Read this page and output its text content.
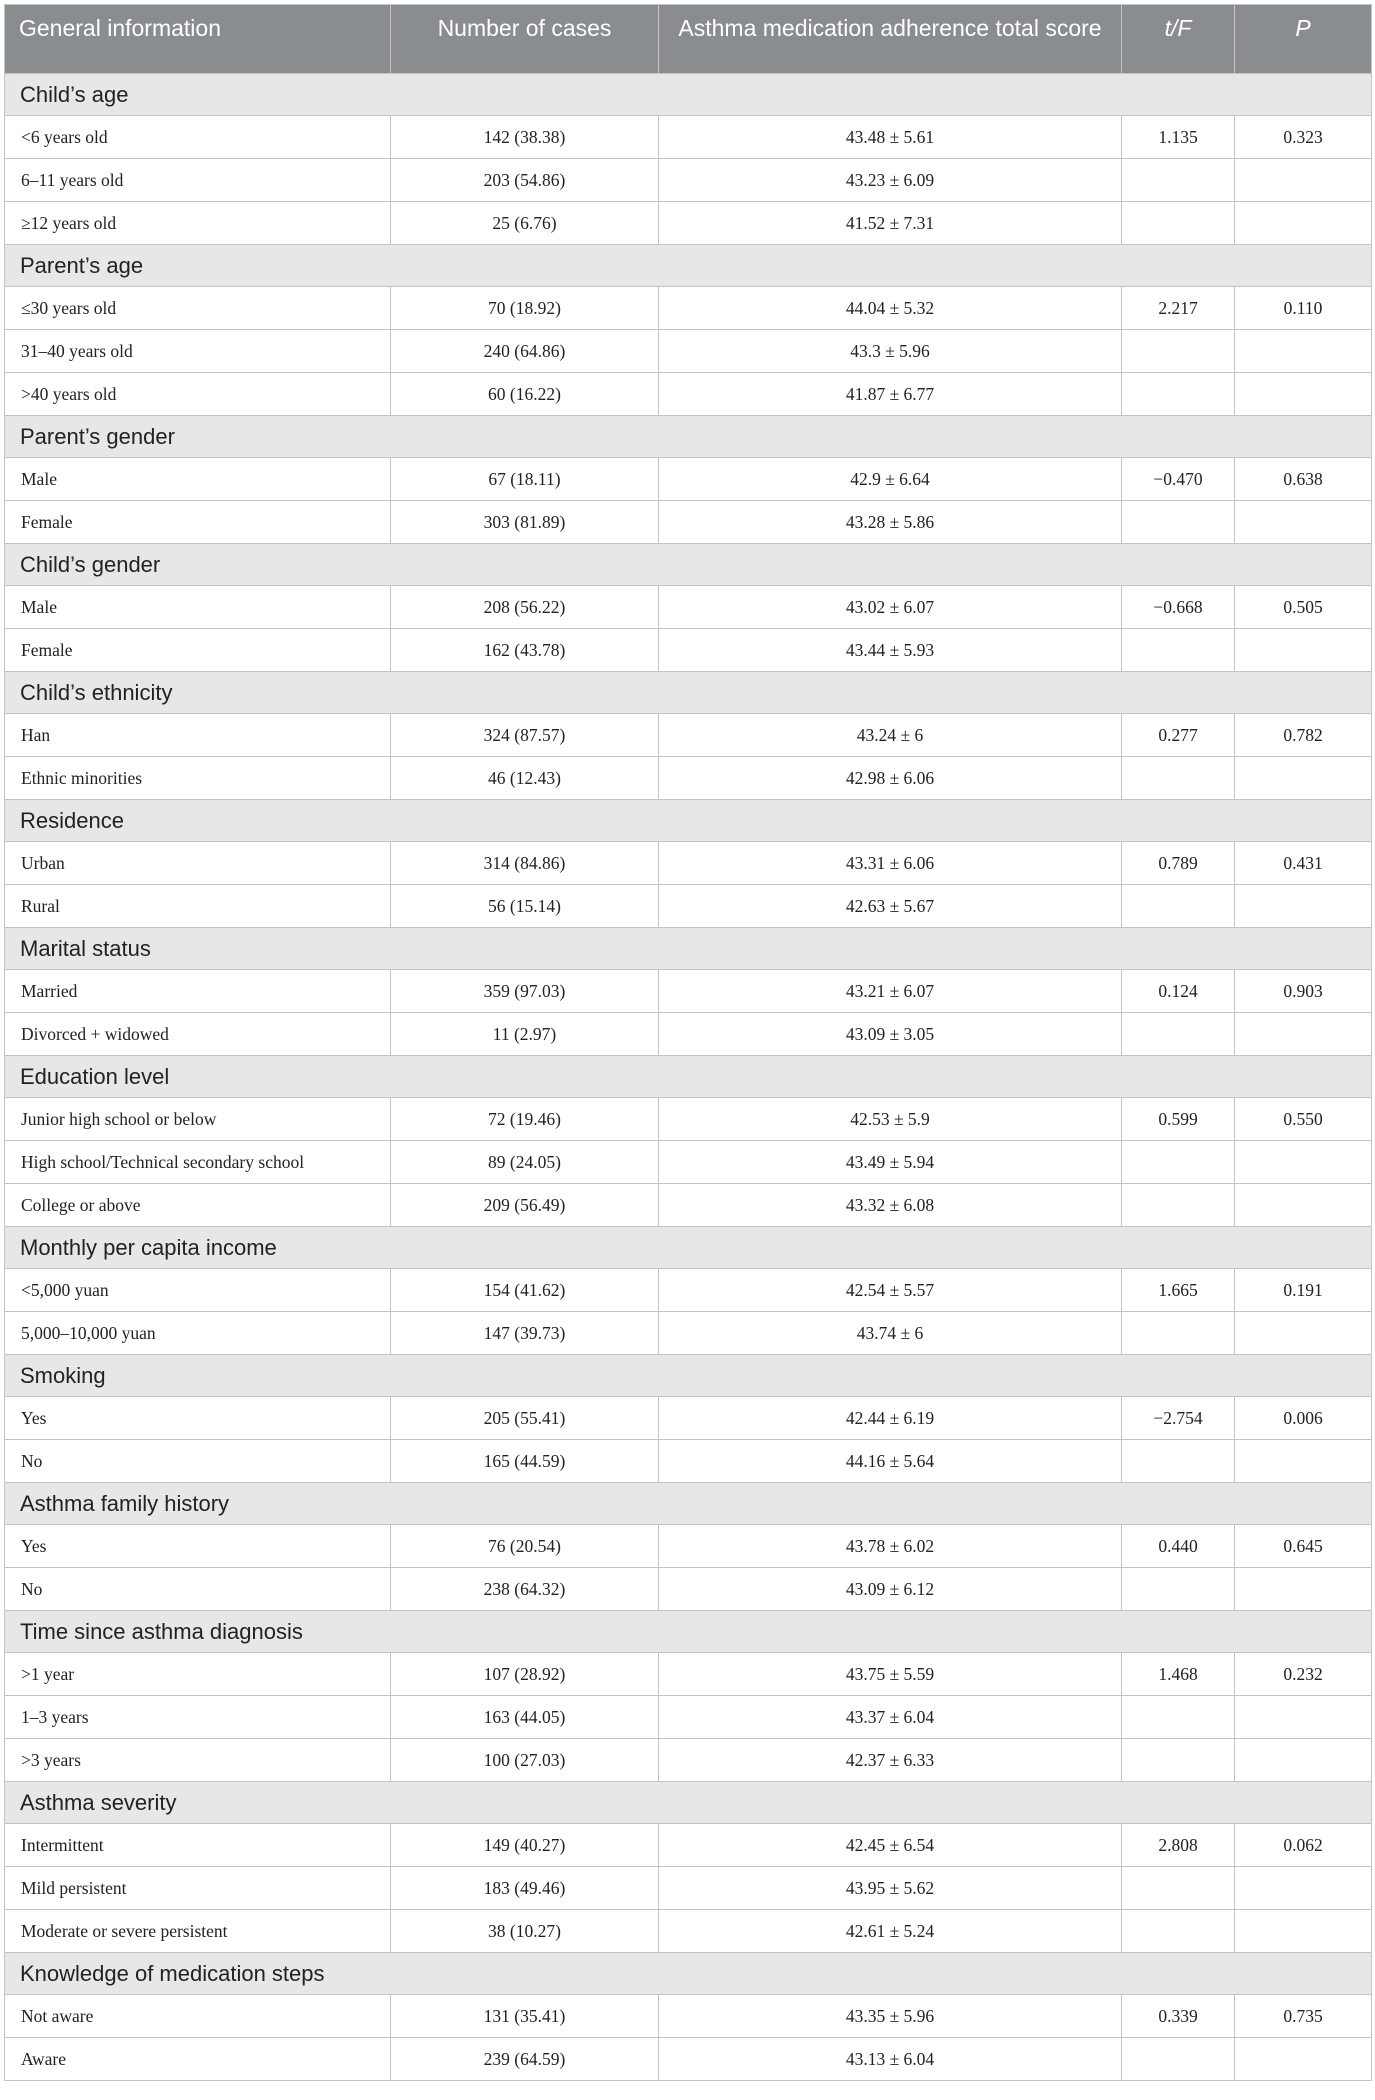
General information	Number of cases	Asthma medication adherence total score	t/F	P
Child’s age				
<6 years old	142 (38.38)	43.48 ± 5.61	1.135	0.323
6–11 years old	203 (54.86)	43.23 ± 6.09		
≥12 years old	25 (6.76)	41.52 ± 7.31		
Parent’s age				
≤30 years old	70 (18.92)	44.04 ± 5.32	2.217	0.110
31–40 years old	240 (64.86)	43.3 ± 5.96		
>40 years old	60 (16.22)	41.87 ± 6.77		
Parent’s gender				
Male	67 (18.11)	42.9 ± 6.64	−0.470	0.638
Female	303 (81.89)	43.28 ± 5.86		
Child’s gender				
Male	208 (56.22)	43.02 ± 6.07	−0.668	0.505
Female	162 (43.78)	43.44 ± 5.93		
Child’s ethnicity				
Han	324 (87.57)	43.24 ± 6	0.277	0.782
Ethnic minorities	46 (12.43)	42.98 ± 6.06		
Residence				
Urban	314 (84.86)	43.31 ± 6.06	0.789	0.431
Rural	56 (15.14)	42.63 ± 5.67		
Marital status				
Married	359 (97.03)	43.21 ± 6.07	0.124	0.903
Divorced + widowed	11 (2.97)	43.09 ± 3.05		
Education level				
Junior high school or below	72 (19.46)	42.53 ± 5.9	0.599	0.550
High school/Technical secondary school	89 (24.05)	43.49 ± 5.94		
College or above	209 (56.49)	43.32 ± 6.08		
Monthly per capita income				
<5,000 yuan	154 (41.62)	42.54 ± 5.57	1.665	0.191
5,000–10,000 yuan	147 (39.73)	43.74 ± 6		
Smoking				
Yes	205 (55.41)	42.44 ± 6.19	−2.754	0.006
No	165 (44.59)	44.16 ± 5.64		
Asthma family history				
Yes	76 (20.54)	43.78 ± 6.02	0.440	0.645
No	238 (64.32)	43.09 ± 6.12		
Time since asthma diagnosis				
>1 year	107 (28.92)	43.75 ± 5.59	1.468	0.232
1–3 years	163 (44.05)	43.37 ± 6.04		
>3 years	100 (27.03)	42.37 ± 6.33		
Asthma severity				
Intermittent	149 (40.27)	42.45 ± 6.54	2.808	0.062
Mild persistent	183 (49.46)	43.95 ± 5.62		
Moderate or severe persistent	38 (10.27)	42.61 ± 5.24		
Knowledge of medication steps				
Not aware	131 (35.41)	43.35 ± 5.96	0.339	0.735
Aware	239 (64.59)	43.13 ± 6.04		
